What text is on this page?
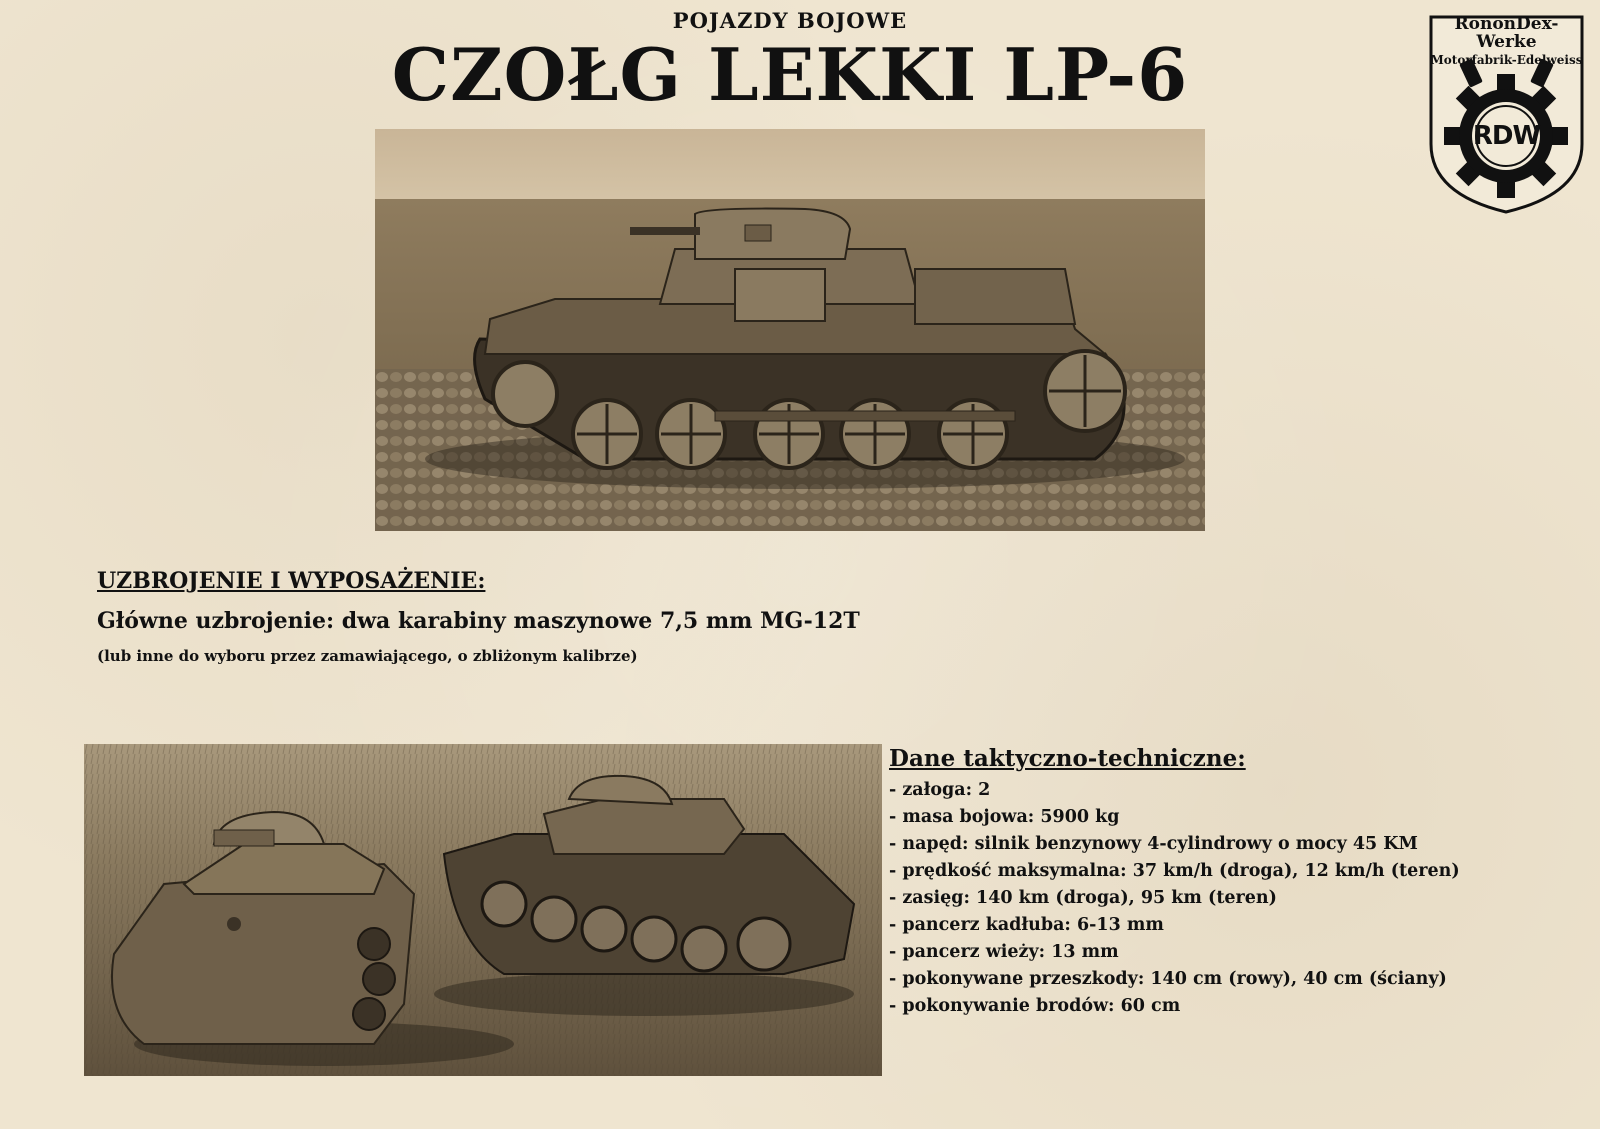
POJAZDY BOJOWE
CZOŁG LEKKI LP-6
RononDex-Werke
Motorfabrik-Edelweiss
RDW
UZBROJENIE I WYPOSAŻENIE:
Główne uzbrojenie: dwa karabiny maszynowe 7,5 mm MG-12T
(lub inne do wyboru przez zamawiającego, o zbliżonym kalibrze)
Dane taktyczno-techniczne:
- załoga: 2
- masa bojowa: 5900 kg
- napęd: silnik benzynowy 4-cylindrowy o mocy 45 KM
- prędkość maksymalna: 37 km/h (droga), 12 km/h (teren)
- zasięg: 140 km (droga), 95 km (teren)
- pancerz kadłuba: 6-13 mm
- pancerz wieży: 13 mm
- pokonywane przeszkody: 140 cm (rowy), 40 cm (ściany)
- pokonywanie brodów: 60 cm
